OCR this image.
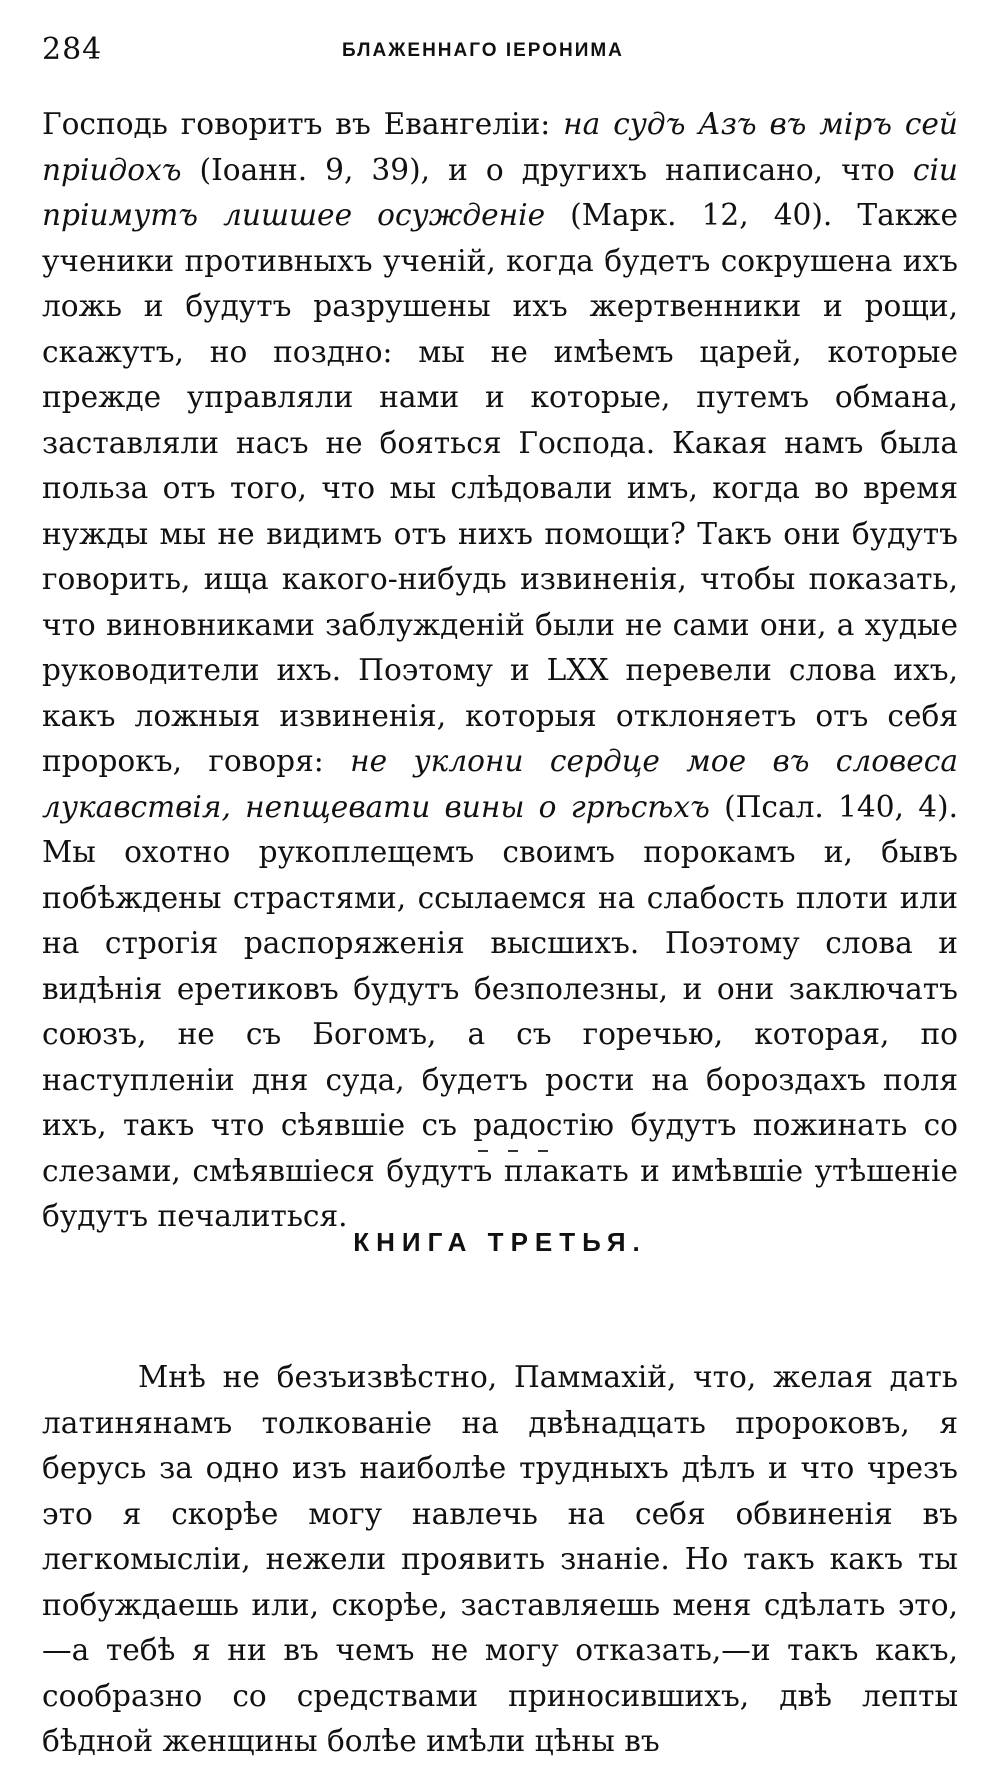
284	БЛАЖЕННАГО ІЕРОНИМА

Господь говоритъ въ Евангеліи: на судъ Азъ въ міръ сей пріидохъ (Іоанн. 9, 39), и о другихъ написано, что сіи пріимутъ лишшее осужденіе (Марк. 12, 40). Также ученики противныхъ ученій, когда будетъ сокрушена ихъ ложь и будутъ разрушены ихъ жертвенники и рощи, скажутъ, но поздно: мы не имѣемъ царей, которые прежде управляли нами и которые, путемъ обмана, заставляли насъ не бояться Господа. Какая намъ была польза отъ того, что мы слѣдовали имъ, когда во время нужды мы не видимъ отъ нихъ помощи? Такъ они будутъ говорить, ища какого-нибудь извиненія, чтобы показать, что виновниками заблужденій были не сами они, а худые руководители ихъ. Поэтому и LXX перевели слова ихъ, какъ ложныя извиненія, которыя отклоняетъ отъ себя пророкъ, говоря: не уклони сердце мое въ словеса лукавствія, непщевати вины о грѣсѣхъ (Псал. 140, 4). Мы охотно рукоплещемъ своимъ порокамъ и, бывъ побѣждены страстями, ссылаемся на слабость плоти или на строгія распоряженія высшихъ. Поэтому слова и видѣнія еретиковъ будутъ безполезны, и они заключатъ союзъ, не съ Богомъ, а съ горечью, которая, по наступленіи дня суда, будетъ рости на бороздахъ поля ихъ, такъ что сѣявшіе съ радостію будутъ пожинать со слезами, смѣявшіеся будутъ плакать и имѣвшіе утѣшеніе будутъ печалиться.

КНИГА ТРЕТЬЯ.

Мнѣ не безъизвѣстно, Паммахій, что, желая дать латинянамъ толкованіе на двѣнадцать пророковъ, я берусь за одно изъ наиболѣе трудныхъ дѣлъ и что чрезъ это я скорѣе могу навлечь на себя обвиненія въ легкомысліи, нежели проявить знаніе. Но такъ какъ ты побуждаешь или, скорѣе, заставляешь меня сдѣлать это,—а тебѣ я ни въ чемъ не могу отказать,—и такъ какъ, сообразно со средствами приносившихъ, двѣ лепты бѣдной женщины болѣе имѣли цѣны въ
